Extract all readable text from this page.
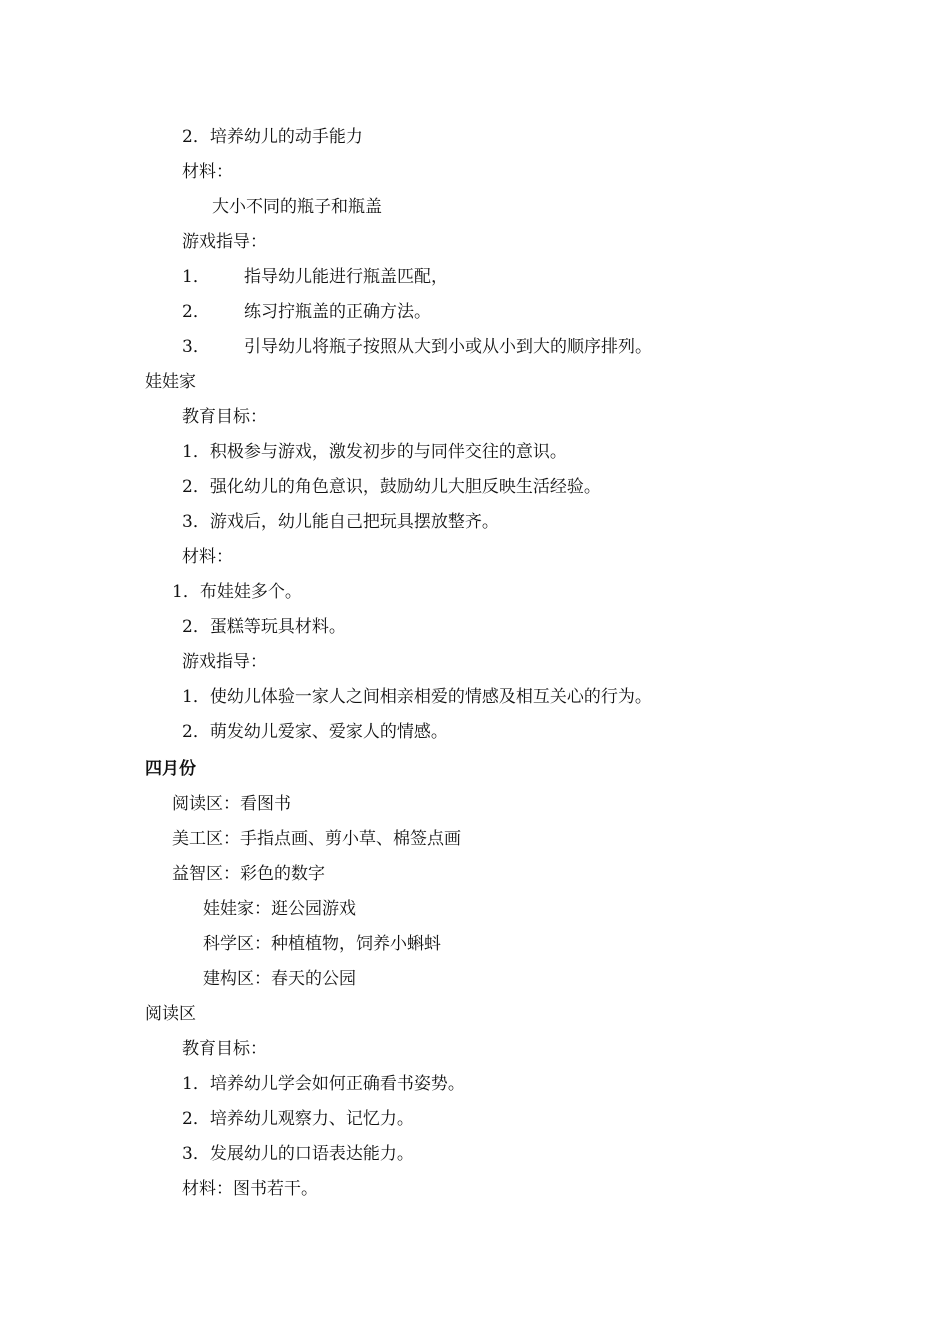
2．培养幼儿的动手能力
材料：
大小不同的瓶子和瓶盖
游戏指导：
1． 指导幼儿能进行瓶盖匹配，
2． 练习拧瓶盖的正确方法。
3． 引导幼儿将瓶子按照从大到小或从小到大的顺序排列。
娃娃家
教育目标：
1．积极参与游戏，激发初步的与同伴交往的意识。
2．强化幼儿的角色意识，鼓励幼儿大胆反映生活经验。
3．游戏后，幼儿能自己把玩具摆放整齐。
材料：
1．布娃娃多个。
2．蛋糕等玩具材料。
游戏指导：
1．使幼儿体验一家人之间相亲相爱的情感及相互关心的行为。
2．萌发幼儿爱家、爱家人的情感。
四月份
阅读区：看图书
美工区：手指点画、剪小草、棉签点画
益智区：彩色的数字
娃娃家：逛公园游戏
科学区：种植植物，饲养小蝌蚪
建构区：春天的公园
阅读区
教育目标：
1．培养幼儿学会如何正确看书姿势。
2．培养幼儿观察力、记忆力。
3．发展幼儿的口语表达能力。
材料：图书若干。
